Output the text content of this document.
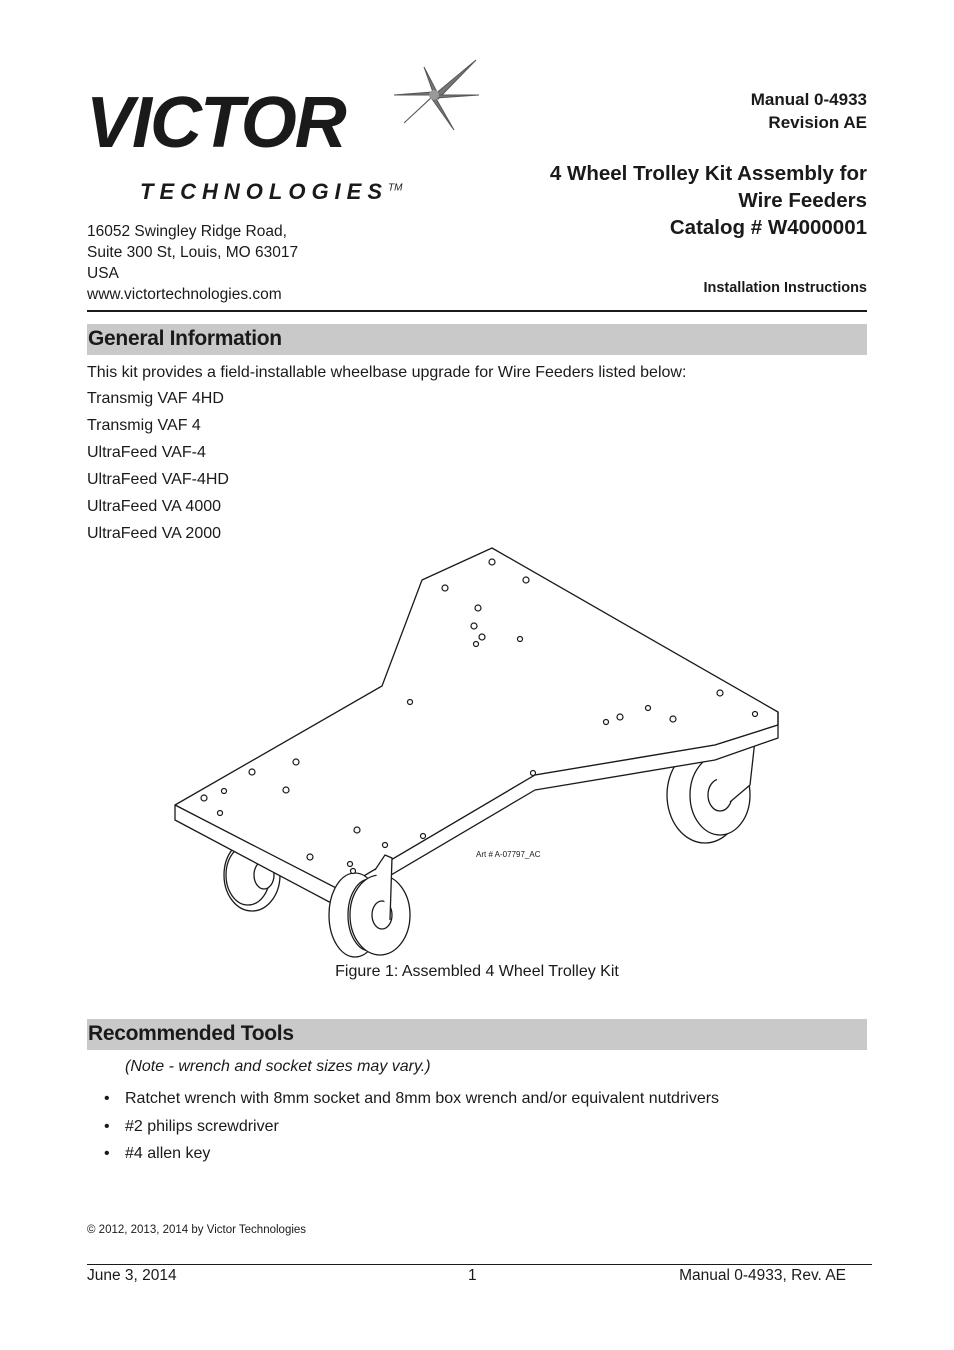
VICTOR
TECHNOLOGIES™
16052 Swingley Ridge Road,
Suite 300 St, Louis, MO 63017
USA
www.victortechnologies.com
Manual 0-4933
Revision AE
4 Wheel Trolley Kit Assembly for
Wire Feeders
Catalog # W4000001
Installation Instructions
General Information
This kit provides a field-installable wheelbase upgrade for Wire Feeders listed below:
Transmig VAF 4HD
Transmig VAF 4
UltraFeed VAF-4
UltraFeed VAF-4HD
UltraFeed VA 4000
UltraFeed VA 2000
Art # A-07797_AC
Figure 1: Assembled 4 Wheel Trolley Kit
Recommended Tools
(Note - wrench and socket sizes may vary.)
• Ratchet wrench with 8mm socket and 8mm box wrench and/or equivalent nutdrivers
• #2 philips screwdriver
• #4 allen key
© 2012, 2013, 2014 by Victor Technologies
June 3, 2014	1	Manual 0-4933, Rev. AE
